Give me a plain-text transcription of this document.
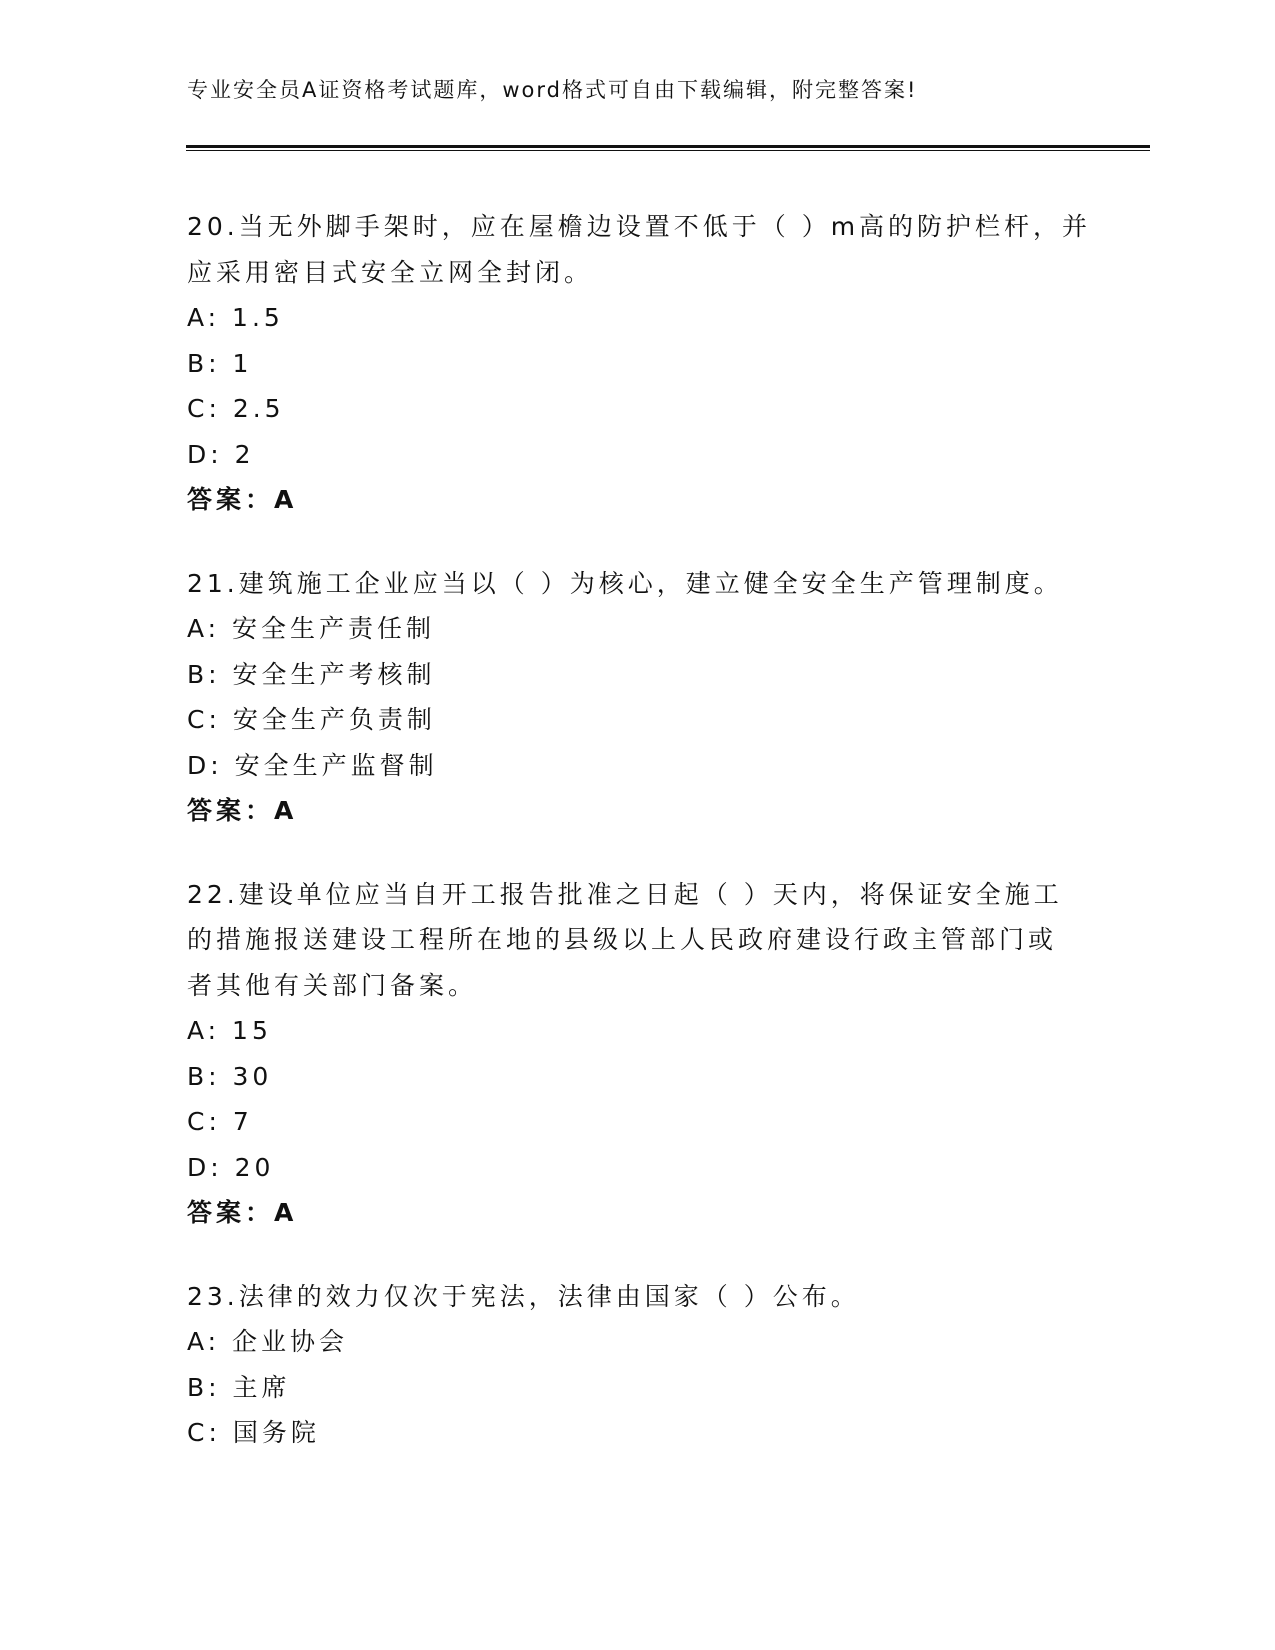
专业安全员A证资格考试题库，word格式可自由下载编辑，附完整答案!
20.当无外脚手架时，应在屋檐边设置不低于（ ）m高的防护栏杆，并
应采用密目式安全立网全封闭。
A: 1.5
B: 1
C: 2.5
D: 2
答案：A
21.建筑施工企业应当以（ ）为核心，建立健全安全生产管理制度。
A: 安全生产责任制
B: 安全生产考核制
C: 安全生产负责制
D: 安全生产监督制
答案：A
22.建设单位应当自开工报告批准之日起（ ）天内，将保证安全施工
的措施报送建设工程所在地的县级以上人民政府建设行政主管部门或
者其他有关部门备案。
A: 15
B: 30
C: 7
D: 20
答案：A
23.法律的效力仅次于宪法，法律由国家（ ）公布。
A: 企业协会
B: 主席
C: 国务院
